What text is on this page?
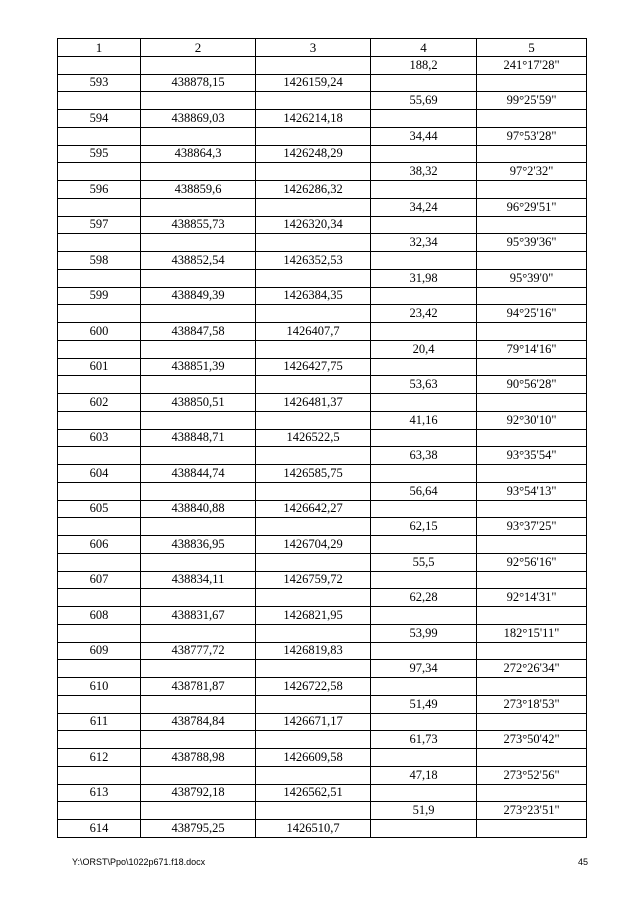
1	2	3	4	5
			188,2	241°17'28"
593	438878,15	1426159,24		
			55,69	99°25'59"
594	438869,03	1426214,18		
			34,44	97°53'28"
595	438864,3	1426248,29		
			38,32	97°2'32"
596	438859,6	1426286,32		
			34,24	96°29'51"
597	438855,73	1426320,34		
			32,34	95°39'36"
598	438852,54	1426352,53		
			31,98	95°39'0"
599	438849,39	1426384,35		
			23,42	94°25'16"
600	438847,58	1426407,7		
			20,4	79°14'16"
601	438851,39	1426427,75		
			53,63	90°56'28"
602	438850,51	1426481,37		
			41,16	92°30'10"
603	438848,71	1426522,5		
			63,38	93°35'54"
604	438844,74	1426585,75		
			56,64	93°54'13"
605	438840,88	1426642,27		
			62,15	93°37'25"
606	438836,95	1426704,29		
			55,5	92°56'16"
607	438834,11	1426759,72		
			62,28	92°14'31"
608	438831,67	1426821,95		
			53,99	182°15'11"
609	438777,72	1426819,83		
			97,34	272°26'34"
610	438781,87	1426722,58		
			51,49	273°18'53"
611	438784,84	1426671,17		
			61,73	273°50'42"
612	438788,98	1426609,58		
			47,18	273°52'56"
613	438792,18	1426562,51		
			51,9	273°23'51"
614	438795,25	1426510,7		
Y:\ORST\Ppo\1022p671.f18.docx	45
